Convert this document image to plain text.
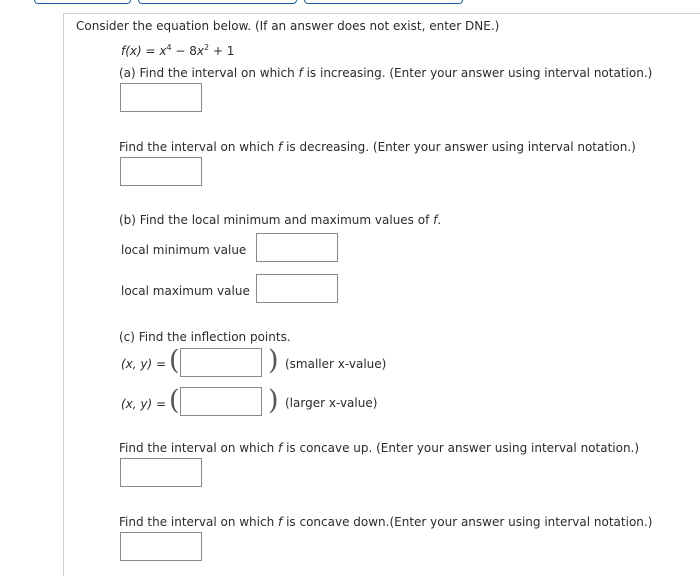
Consider the equation below. (If an answer does not exist, enter DNE.)
$f(x) = x^4 - 8x^2 + 1$
(a) Find the interval on which f is increasing. (Enter your answer using interval notation.)
Find the interval on which f is decreasing. (Enter your answer using interval notation.)
(b) Find the local minimum and maximum values of f.
local minimum value
local maximum value
(c) Find the inflection points.
(x, y) = (	) (smaller x-value)
(x, y) = (	) (larger x-value)
Find the interval on which f is concave up. (Enter your answer using interval notation.)
Find the interval on which f is concave down.(Enter your answer using interval notation.)
